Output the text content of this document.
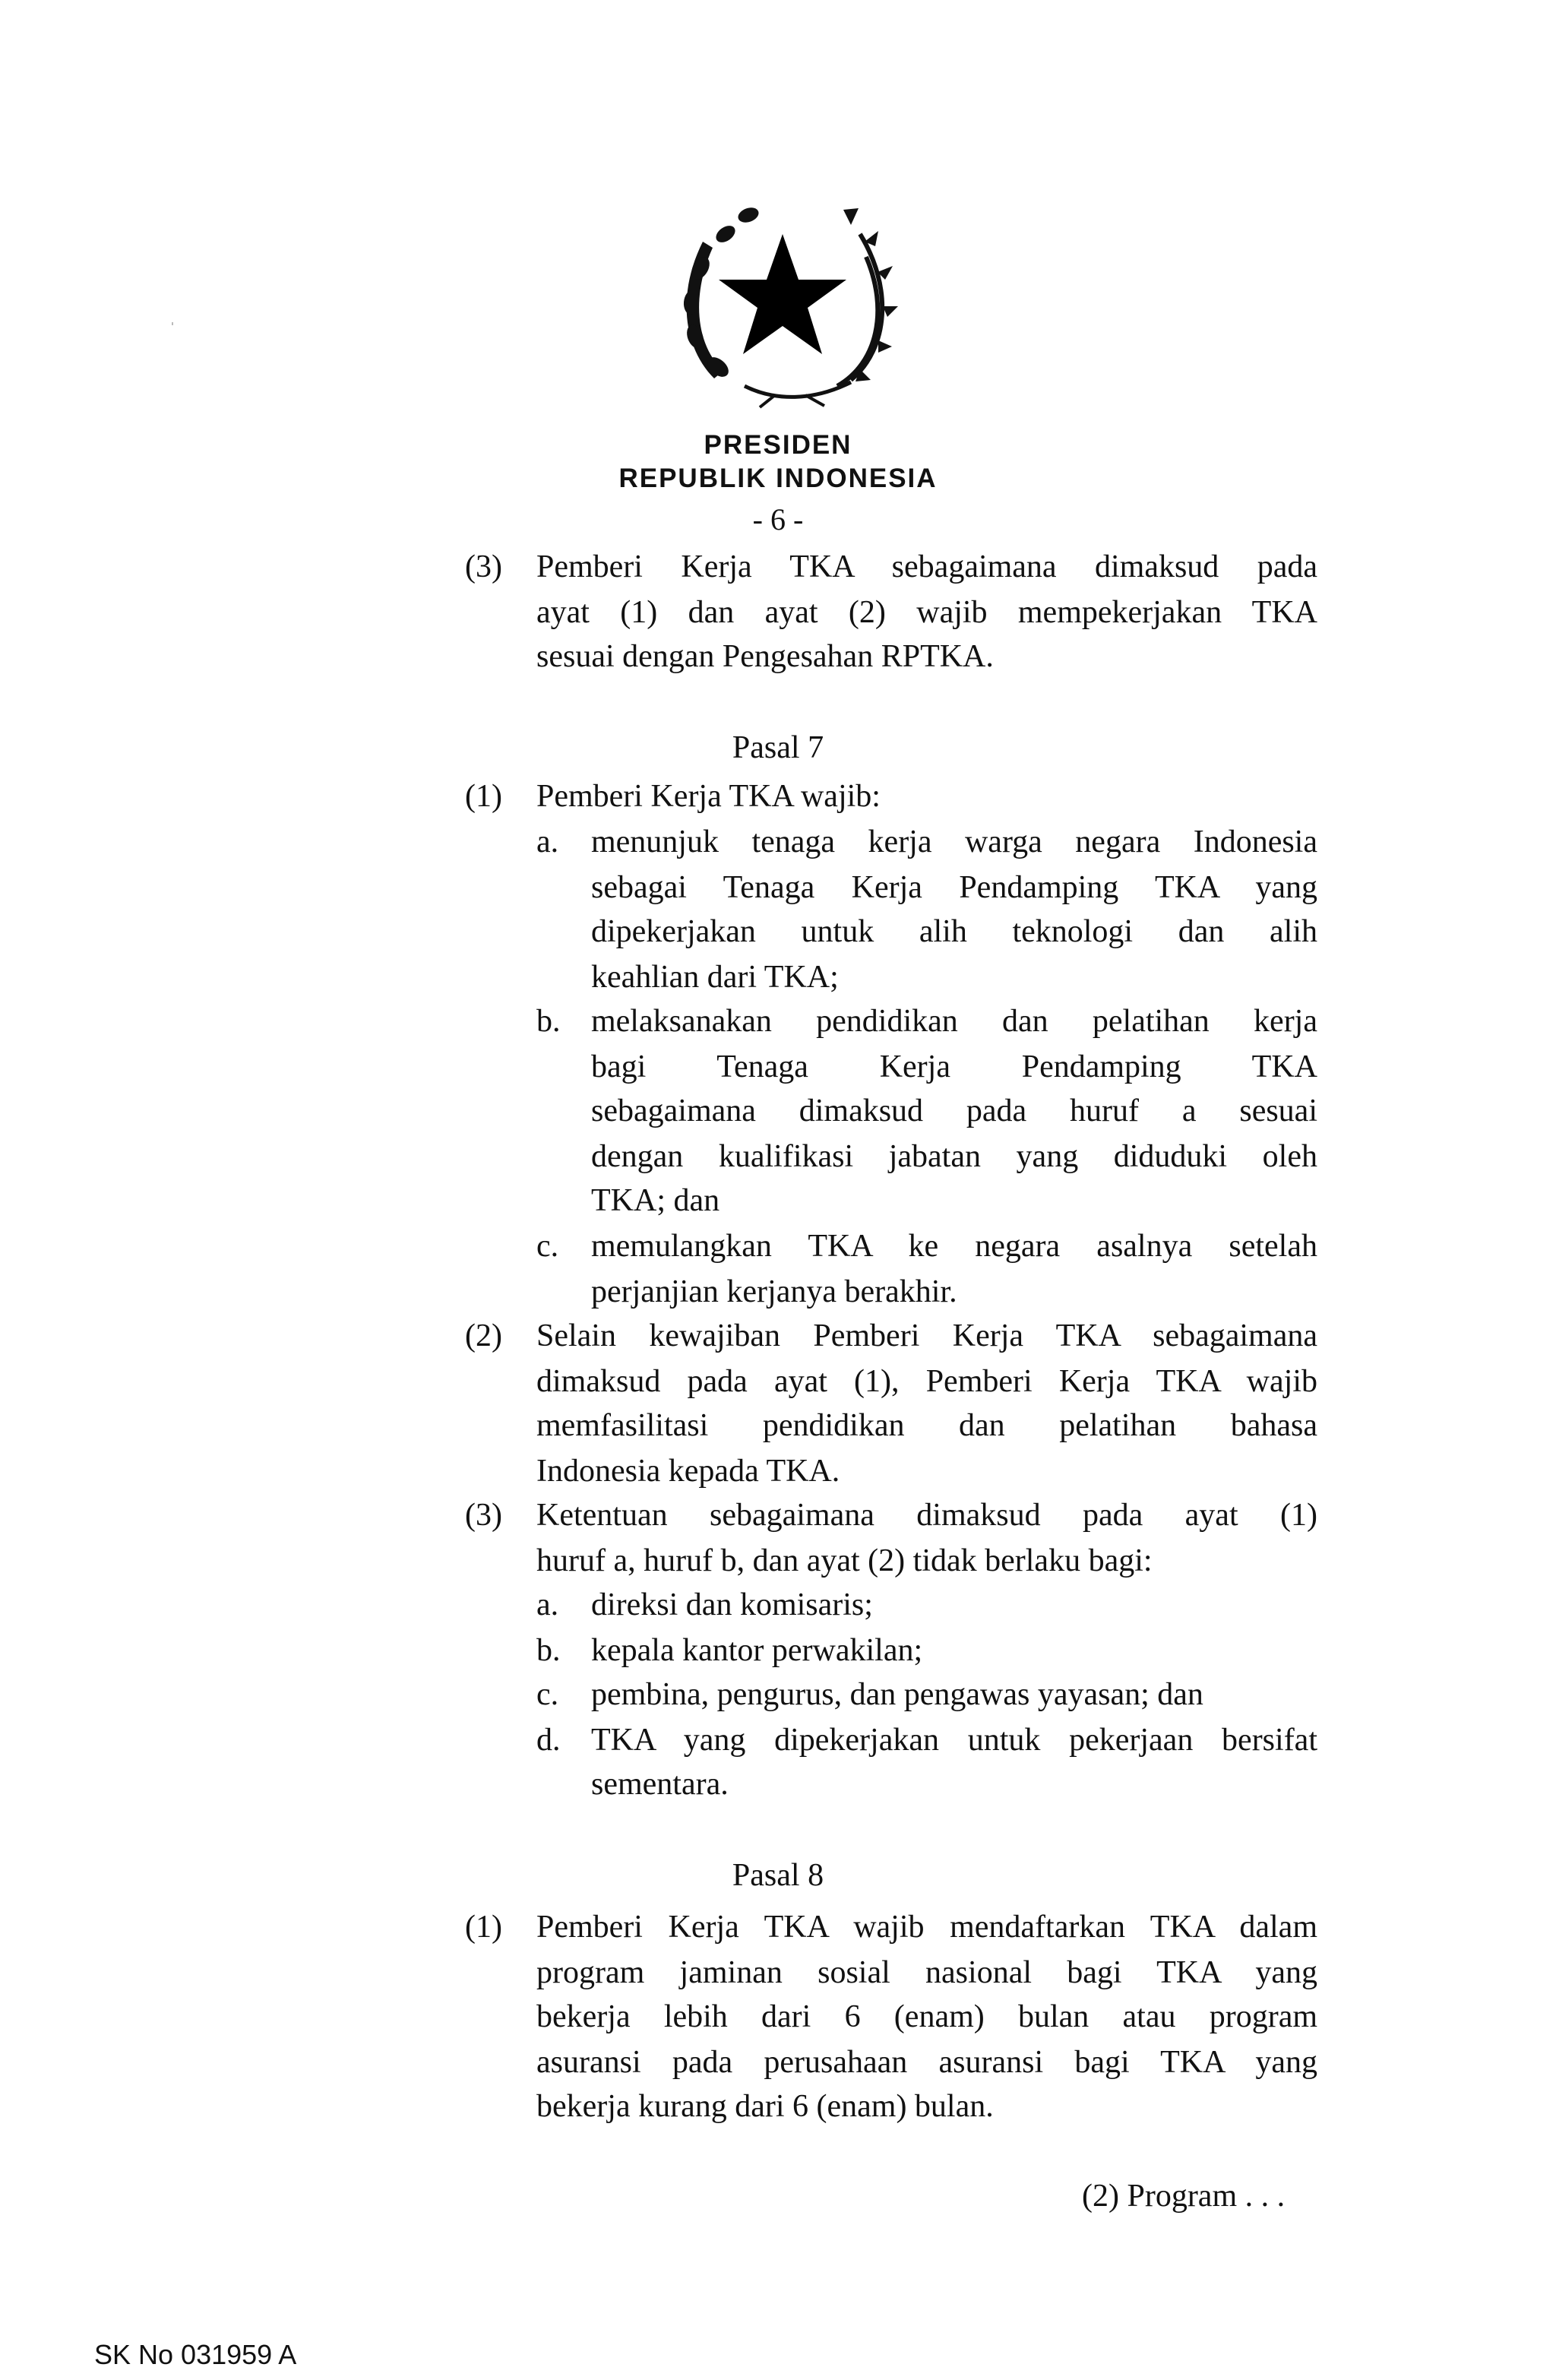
PRESIDEN
REPUBLIK INDONESIA
- 6 -
(3) Pemberi Kerja TKA sebagaimana dimaksud pada
ayat (1) dan ayat (2) wajib mempekerjakan TKA
sesuai dengan Pengesahan RPTKA.
Pasal 7
(1) Pemberi Kerja TKA wajib:
a. menunjuk tenaga kerja warga negara Indonesia
sebagai Tenaga Kerja Pendamping TKA yang
dipekerjakan untuk alih teknologi dan alih
keahlian dari TKA;
b. melaksanakan pendidikan dan pelatihan kerja
bagi Tenaga Kerja Pendamping TKA
sebagaimana dimaksud pada huruf a sesuai
dengan kualifikasi jabatan yang diduduki oleh
TKA; dan
c. memulangkan TKA ke negara asalnya setelah
perjanjian kerjanya berakhir.
(2) Selain kewajiban Pemberi Kerja TKA sebagaimana
dimaksud pada ayat (1), Pemberi Kerja TKA wajib
memfasilitasi pendidikan dan pelatihan bahasa
Indonesia kepada TKA.
(3) Ketentuan sebagaimana dimaksud pada ayat (1)
huruf a, huruf b, dan ayat (2) tidak berlaku bagi:
a. direksi dan komisaris;
b. kepala kantor perwakilan;
c. pembina, pengurus, dan pengawas yayasan; dan
d. TKA yang dipekerjakan untuk pekerjaan bersifat
sementara.
Pasal 8
(1) Pemberi Kerja TKA wajib mendaftarkan TKA dalam
program jaminan sosial nasional bagi TKA yang
bekerja lebih dari 6 (enam) bulan atau program
asuransi pada perusahaan asuransi bagi TKA yang
bekerja kurang dari 6 (enam) bulan.
(2) Program . . .
SK No 031959 A
